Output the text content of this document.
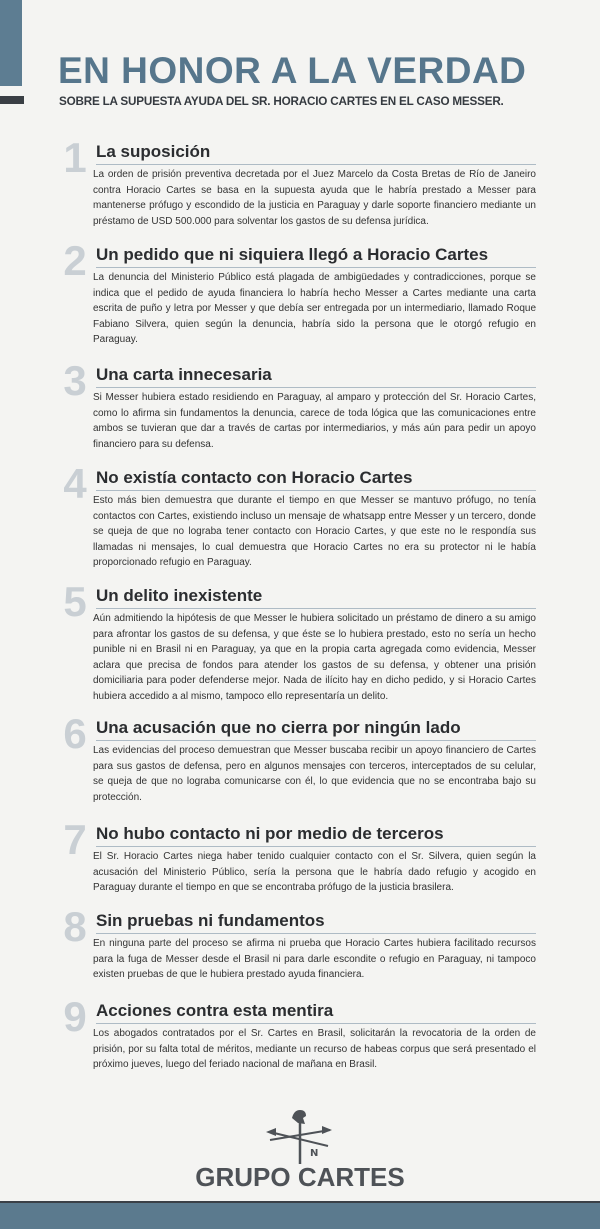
EN HONOR A LA VERDAD
SOBRE LA SUPUESTA AYUDA DEL SR. HORACIO CARTES EN EL CASO MESSER.
1 La suposición

La orden de prisión preventiva decretada por el Juez Marcelo da Costa Bretas de Río de Janeiro contra Horacio Cartes se basa en la supuesta ayuda que le habría prestado a Messer para mantenerse prófugo y escondido de la justicia en Paraguay y darle soporte financiero mediante un préstamo de USD 500.000 para solventar los gastos de su defensa jurídica.

2 Un pedido que ni siquiera llegó a Horacio Cartes

La denuncia del Ministerio Público está plagada de ambigüedades y contradicciones, porque se indica que el pedido de ayuda financiera lo habría hecho Messer a Cartes mediante una carta escrita de puño y letra por Messer y que debía ser entregada por un intermediario, llamado Roque Fabiano Silvera, quien según la denuncia, habría sido la persona que le otorgó refugio en Paraguay.

3 Una carta innecesaria

Si Messer hubiera estado residiendo en Paraguay, al amparo y protección del Sr. Horacio Cartes, como lo afirma sin fundamentos la denuncia, carece de toda lógica que las comunicaciones entre ambos se tuvieran que dar a través de cartas por intermediarios, y más aún para pedir un apoyo financiero para su defensa.

4 No existía contacto con Horacio Cartes

Esto más bien demuestra que durante el tiempo en que Messer se mantuvo prófugo, no tenía contactos con Cartes, existiendo incluso un mensaje de whatsapp entre Messer y un tercero, donde se queja de que no lograba tener contacto con Horacio Cartes, y que este no le respondía sus llamadas ni mensajes, lo cual demuestra que Horacio Cartes no era su protector ni le había proporcionado refugio en Paraguay.

5 Un delito inexistente

Aún admitiendo la hipótesis de que Messer le hubiera solicitado un préstamo de dinero a su amigo para afrontar los gastos de su defensa, y que éste se lo hubiera prestado, esto no sería un hecho punible ni en Brasil ni en Paraguay, ya que en la propia carta agregada como evidencia, Messer aclara que precisa de fondos para atender los gastos de su defensa, y obtener una prisión domiciliaria para poder defenderse mejor. Nada de ilícito hay en dicho pedido, y si Horacio Cartes hubiera accedido a al mismo, tampoco ello representaría un delito.

6 Una acusación que no cierra por ningún lado

Las evidencias del proceso demuestran que Messer buscaba recibir un apoyo financiero de Cartes para sus gastos de defensa, pero en algunos mensajes con terceros, interceptados de su celular, se queja de que no lograba comunicarse con él, lo que evidencia que no se encontraba bajo su protección.

7 No hubo contacto ni por medio de terceros

El Sr. Horacio Cartes niega haber tenido cualquier contacto con el Sr. Silvera, quien según la acusación del Ministerio Público, sería la persona que le habría dado refugio y acogido en Paraguay durante el tiempo en que se encontraba prófugo de la justicia brasilera.

8 Sin pruebas ni fundamentos

En ninguna parte del proceso se afirma ni prueba que Horacio Cartes hubiera facilitado recursos para la fuga de Messer desde el Brasil ni para darle escondite o refugio en Paraguay, ni tampoco existen pruebas de que le hubiera prestado ayuda financiera.

9 Acciones contra esta mentira

Los abogados contratados por el Sr. Cartes en Brasil, solicitarán la revocatoria de la orden de prisión, por su falta total de méritos, mediante un recurso de habeas corpus que será presentado el próximo jueves, luego del feriado nacional de mañana en Brasil.

N
GRUPO CARTES
